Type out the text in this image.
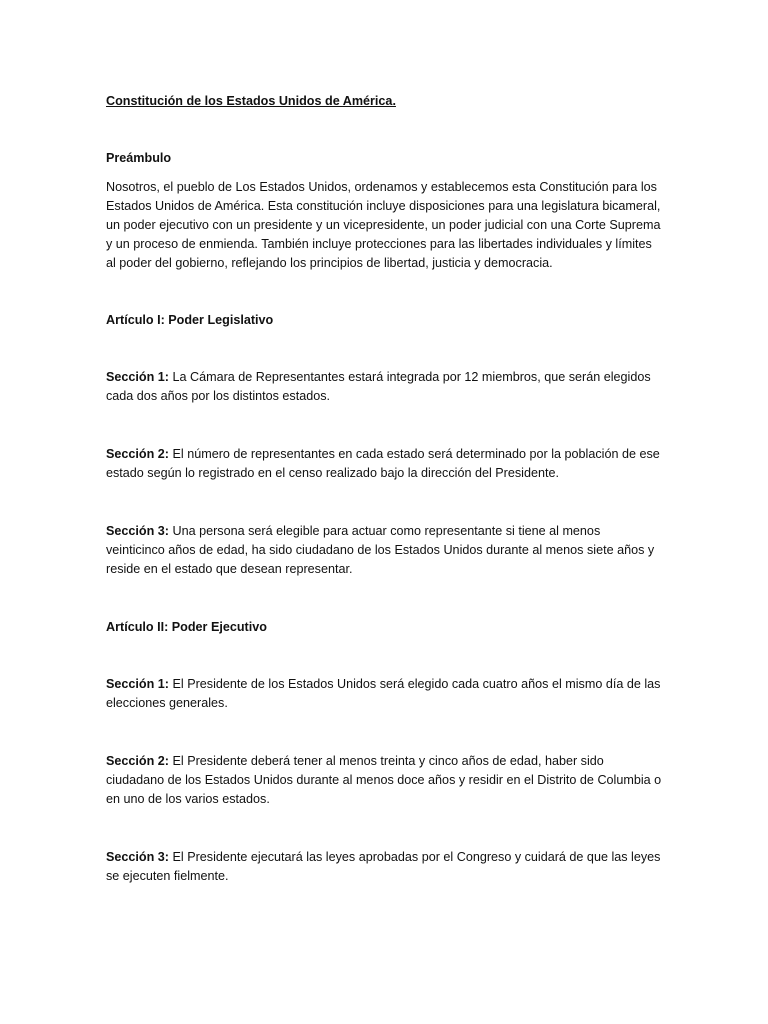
Constitución de los Estados Unidos de América.

Preámbulo

Nosotros, el pueblo de Los Estados Unidos, ordenamos y establecemos esta Constitución para los Estados Unidos de América. Esta constitución incluye disposiciones para una legislatura bicameral, un poder ejecutivo con un presidente y un vicepresidente, un poder judicial con una Corte Suprema y un proceso de enmienda. También incluye protecciones para las libertades individuales y límites al poder del gobierno, reflejando los principios de libertad, justicia y democracia.

Artículo I: Poder Legislativo

Sección 1: La Cámara de Representantes estará integrada por 12 miembros, que serán elegidos cada dos años por los distintos estados.

Sección 2: El número de representantes en cada estado será determinado por la población de ese estado según lo registrado en el censo realizado bajo la dirección del Presidente.

Sección 3: Una persona será elegible para actuar como representante si tiene al menos veinticinco años de edad, ha sido ciudadano de los Estados Unidos durante al menos siete años y reside en el estado que desean representar.

Artículo II: Poder Ejecutivo

Sección 1: El Presidente de los Estados Unidos será elegido cada cuatro años el mismo día de las elecciones generales.

Sección 2: El Presidente deberá tener al menos treinta y cinco años de edad, haber sido ciudadano de los Estados Unidos durante al menos doce años y residir en el Distrito de Columbia o en uno de los varios estados.

Sección 3: El Presidente ejecutará las leyes aprobadas por el Congreso y cuidará de que las leyes se ejecuten fielmente.
